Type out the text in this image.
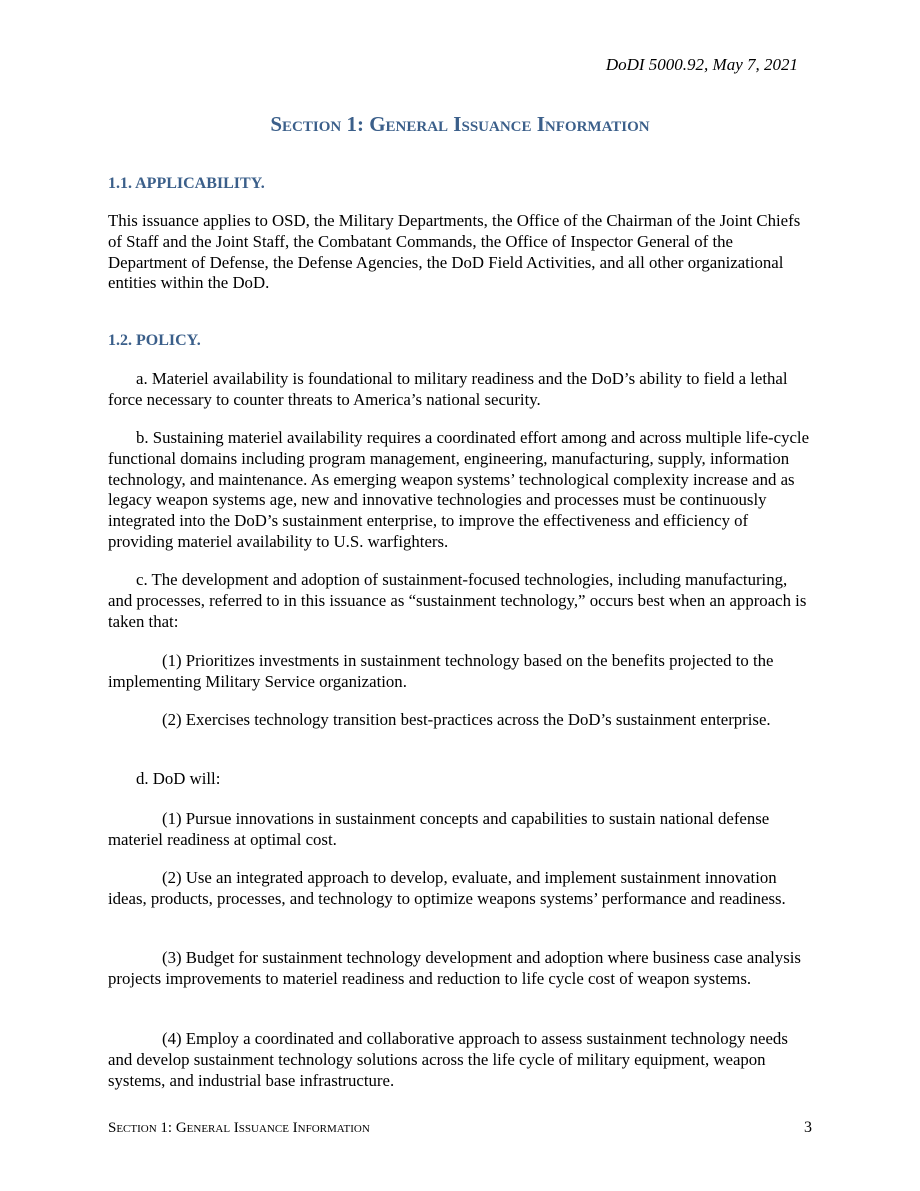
DoDI 5000.92, May 7, 2021
Section 1: General Issuance Information
1.1. APPLICABILITY.

This issuance applies to OSD, the Military Departments, the Office of the Chairman of the Joint Chiefs of Staff and the Joint Staff, the Combatant Commands, the Office of Inspector General of the Department of Defense, the Defense Agencies, the DoD Field Activities, and all other organizational entities within the DoD.

1.2. POLICY.

a. Materiel availability is foundational to military readiness and the DoD’s ability to field a lethal force necessary to counter threats to America’s national security.

b. Sustaining materiel availability requires a coordinated effort among and across multiple life-cycle functional domains including program management, engineering, manufacturing, supply, information technology, and maintenance. As emerging weapon systems’ technological complexity increase and as legacy weapon systems age, new and innovative technologies and processes must be continuously integrated into the DoD’s sustainment enterprise, to improve the effectiveness and efficiency of providing materiel availability to U.S. warfighters.

c. The development and adoption of sustainment-focused technologies, including manufacturing, and processes, referred to in this issuance as “sustainment technology,” occurs best when an approach is taken that:

(1) Prioritizes investments in sustainment technology based on the benefits projected to the implementing Military Service organization.

(2) Exercises technology transition best-practices across the DoD’s sustainment enterprise.

d. DoD will:

(1) Pursue innovations in sustainment concepts and capabilities to sustain national defense materiel readiness at optimal cost.

(2) Use an integrated approach to develop, evaluate, and implement sustainment innovation ideas, products, processes, and technology to optimize weapons systems’ performance and readiness.

(3) Budget for sustainment technology development and adoption where business case analysis projects improvements to materiel readiness and reduction to life cycle cost of weapon systems.

(4) Employ a coordinated and collaborative approach to assess sustainment technology needs and develop sustainment technology solutions across the life cycle of military equipment, weapon systems, and industrial base infrastructure.

Section 1: General Issuance Information	3
